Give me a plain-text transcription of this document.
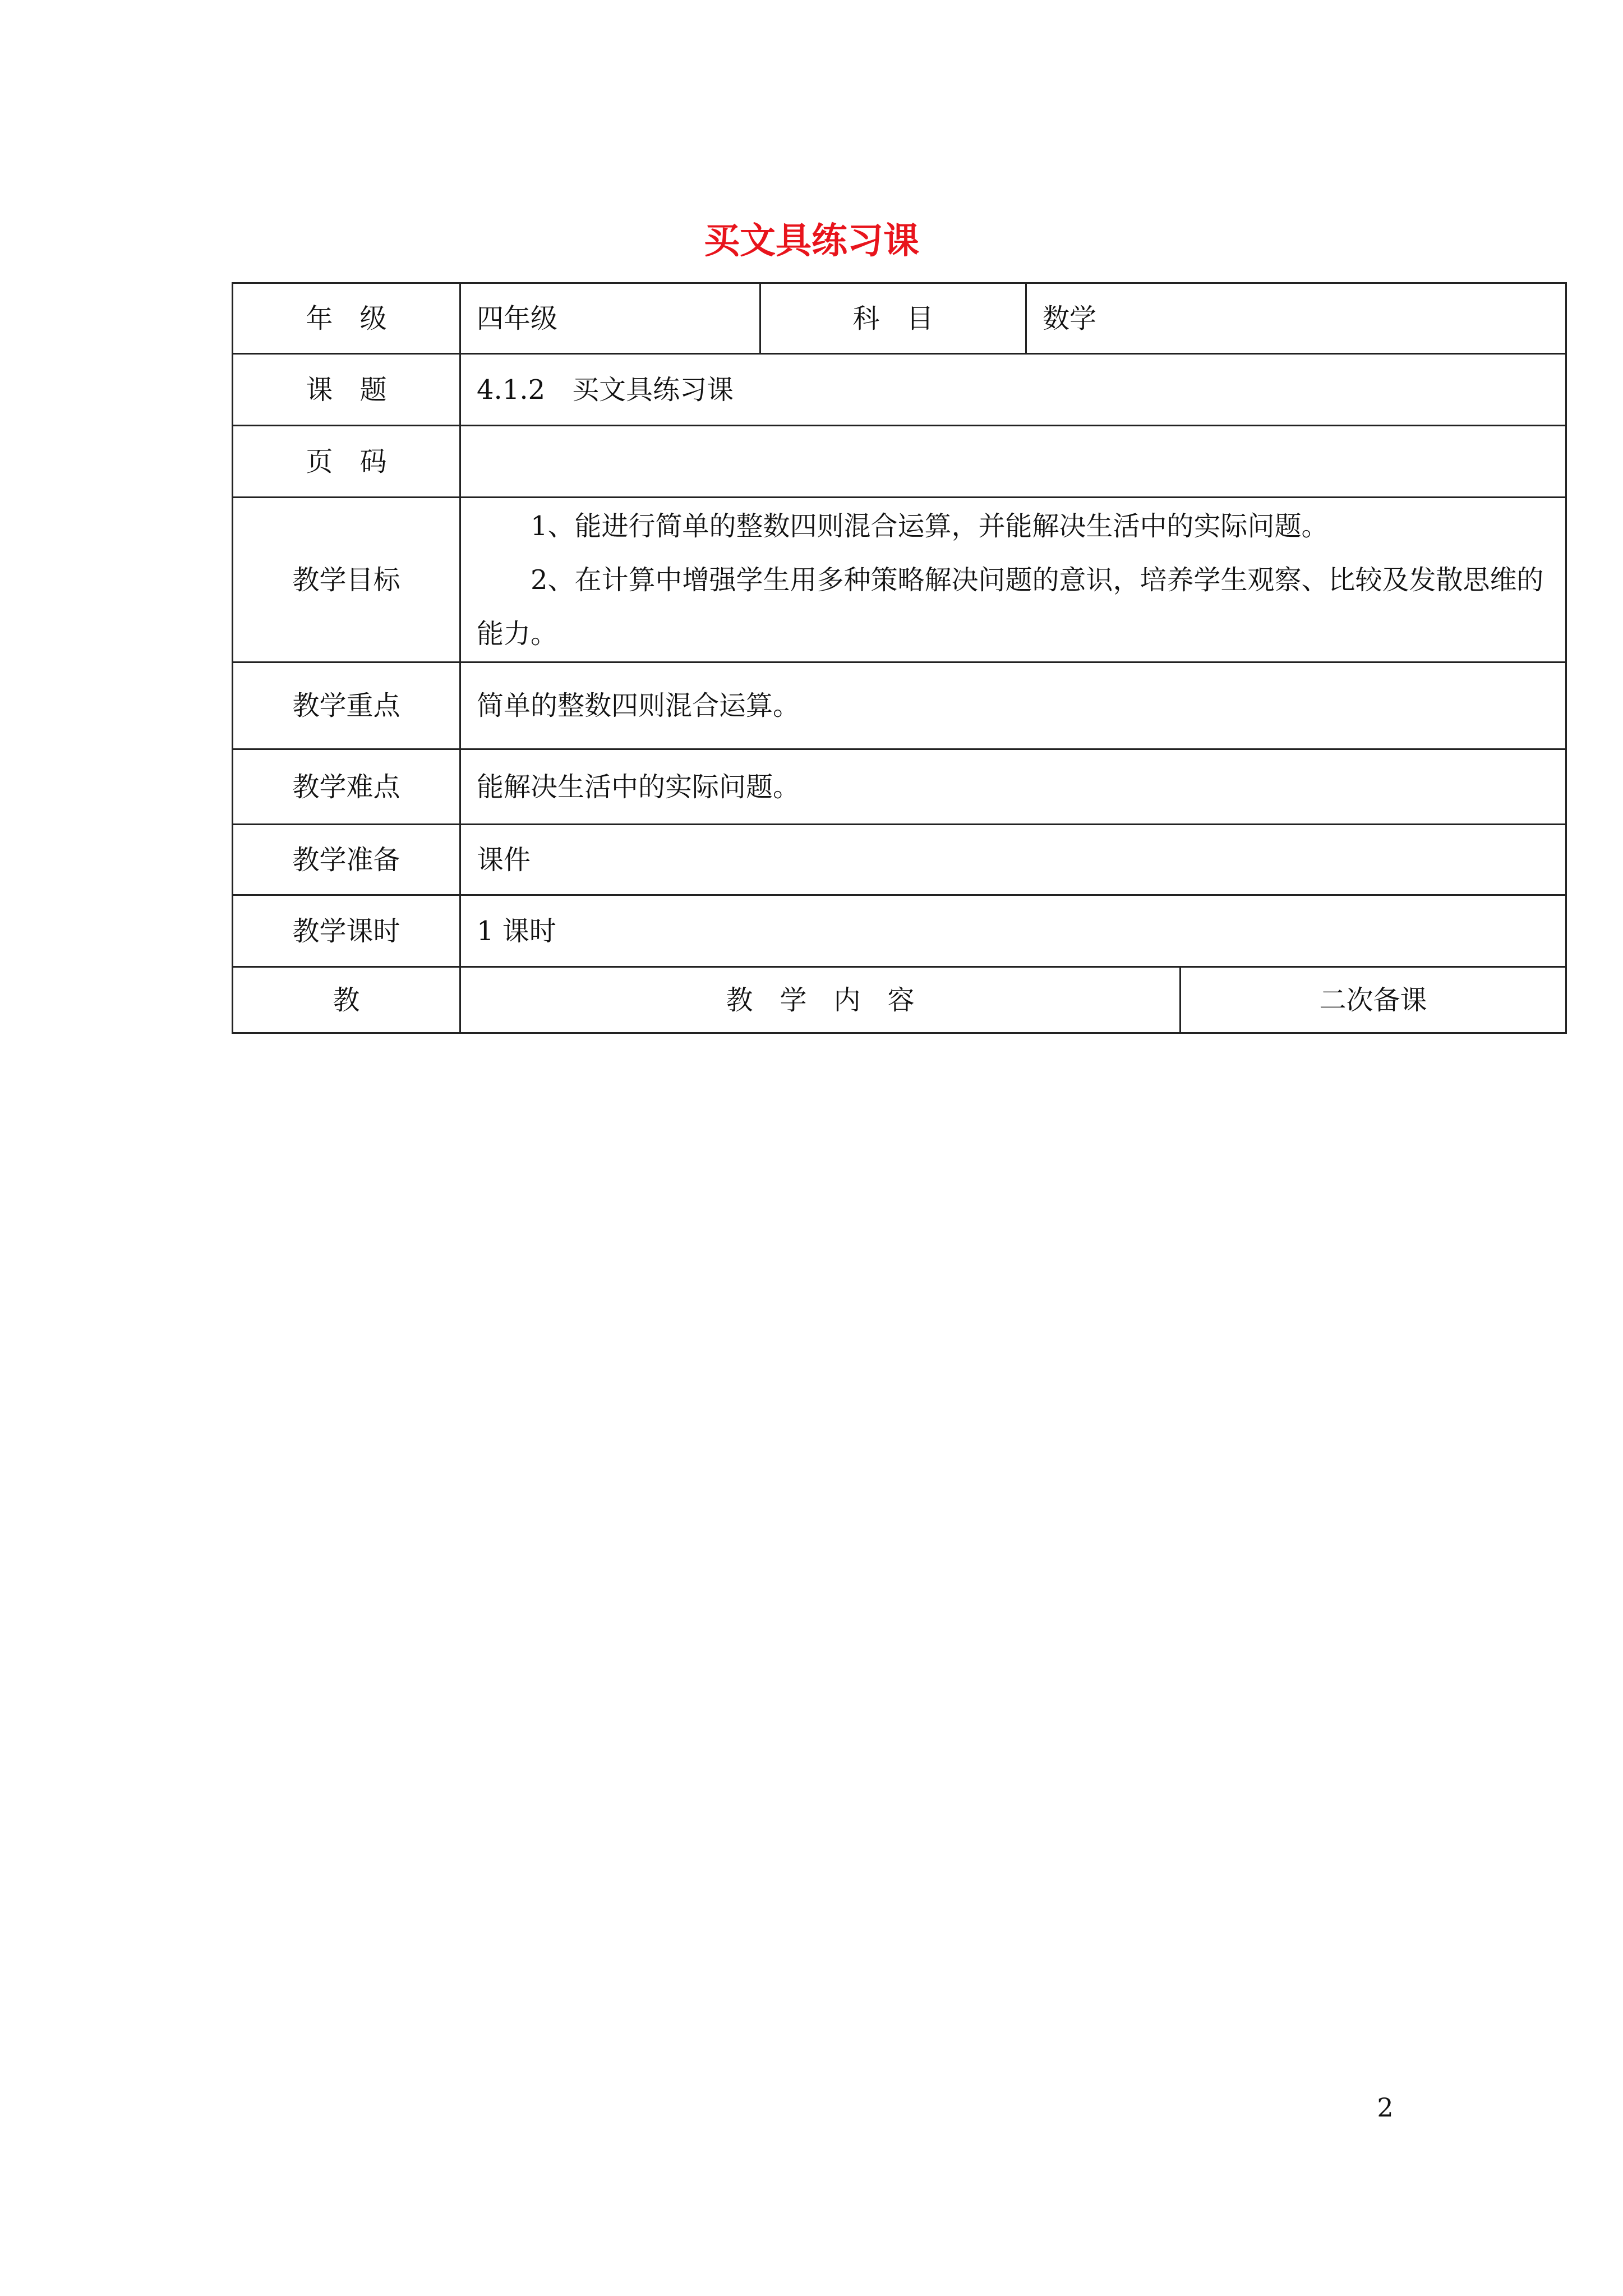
买文具练习课
年　级	四年级	科　目	数学	
课　题	4.1.2　买文具练习课			
页　码				
教学目标	1、能进行简单的整数四则混合运算，并能解决生活中的实际问题。

2、在计算中增强学生用多种策略解决问题的意识，培养学生观察、比较及发散思维的能力。			

教学重点	简单的整数四则混合运算。			
教学难点	能解决生活中的实际问题。			
教学准备	课件			
教学课时	1 课时			
教	教　学　内　容			二次备课
2
